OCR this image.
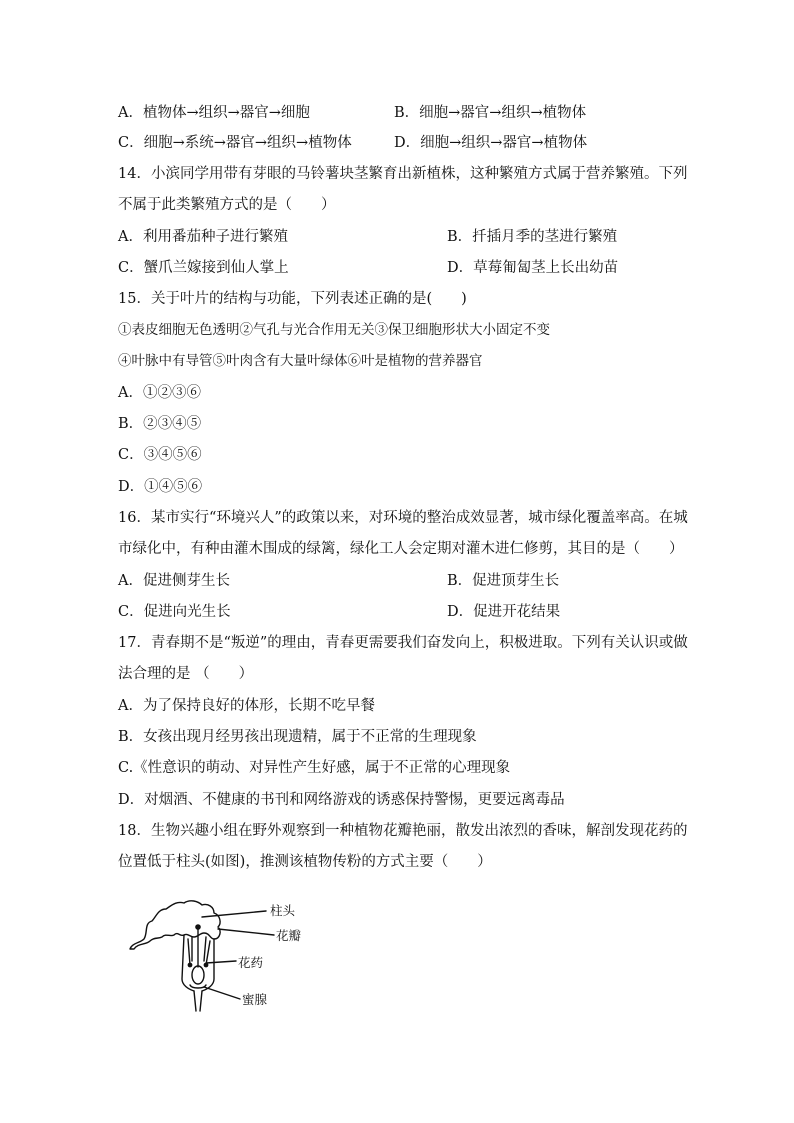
A．植物体→组织→器官→细胞	B．细胞→器官→组织→植物体
C．细胞→系统→器官→组织→植物体	D．细胞→组织→器官→植物体
14．小滨同学用带有芽眼的马铃薯块茎繁育出新植株，这种繁殖方式属于营养繁殖。下列
不属于此类繁殖方式的是（　　）
A．利用番茄种子进行繁殖	B．扦插月季的茎进行繁殖
C．蟹爪兰嫁接到仙人掌上	D．草莓匍匐茎上长出幼苗
15．关于叶片的结构与功能，下列表述正确的是(　　)
①表皮细胞无色透明②气孔与光合作用无关③保卫细胞形状大小固定不变
④叶脉中有导管⑤叶肉含有大量叶绿体⑥叶是植物的营养器官
A．①②③⑥
B．②③④⑤
C．③④⑤⑥
D．①④⑤⑥
16．某市实行“环境兴人”的政策以来，对环境的整治成效显著，城市绿化覆盖率高。在城
市绿化中，有种由灌木围成的绿篱，绿化工人会定期对灌木进仁修剪，其目的是（　　）
A．促进侧芽生长	B．促进顶芽生长
C．促进向光生长	D．促进开花结果
17．青春期不是“叛逆”的理由，青春更需要我们奋发向上，积极进取。下列有关认识或做
法合理的是 （　　）
A．为了保持良好的体形，长期不吃早餐
B．女孩出现月经男孩出现遗精，属于不正常的生理现象
C.《性意识的萌动、对异性产生好感，属于不正常的心理现象
D．对烟酒、不健康的书刊和网络游戏的诱惑保持警惕，更要远离毒品
18．生物兴趣小组在野外观察到一种植物花瓣艳丽，散发出浓烈的香味，解剖发现花药的
位置低于柱头(如图)，推测该植物传粉的方式主要（　　）
柱头
花瓣
花药
蜜腺
